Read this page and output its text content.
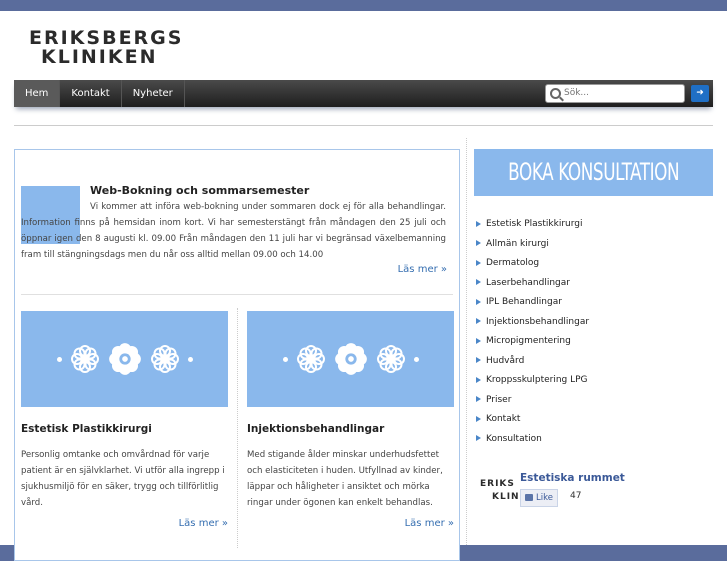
ERIKSBERGS
KLINIKEN
Hem	Kontakt	Nyheter
Sök...	➜
Web-Bokning och sommarsemester
Vi kommer att införa web-bokning under sommaren dock ej för alla behandlingar. Information finns på hemsidan inom kort. Vi har semesterstängt från måndagen den 25 juli och öppnar igen den 8 augusti kl. 09.00 Från måndagen den 11 juli har vi begränsad växelbemanning fram till stängningsdags men du når oss alltid mellan 09.00 och 14.00
Läs mer »
Estetisk Plastikkirurgi
Personlig omtanke och omvårdnad för varje patient är en självklarhet. Vi utför alla ingrepp i sjukhusmiljö för en säker, trygg och tillförlitlig vård.
Läs mer »
Injektionsbehandlingar
Med stigande ålder minskar underhudsfettet och elasticiteten i huden. Utfyllnad av kinder, läppar och håligheter i ansiktet och mörka ringar under ögonen kan enkelt behandlas.
Läs mer »
BOKA KONSULTATION
Estetisk Plastikkirurgi
Allmän kirurgi
Dermatolog
Laserbehandlingar
IPL Behandlingar
Injektionsbehandlingar
Micropigmentering
Hudvård
Kroppsskulptering LPG
Priser
Kontakt
Konsultation
ERIKS
KLIN
Estetiska rummet
Like 47
